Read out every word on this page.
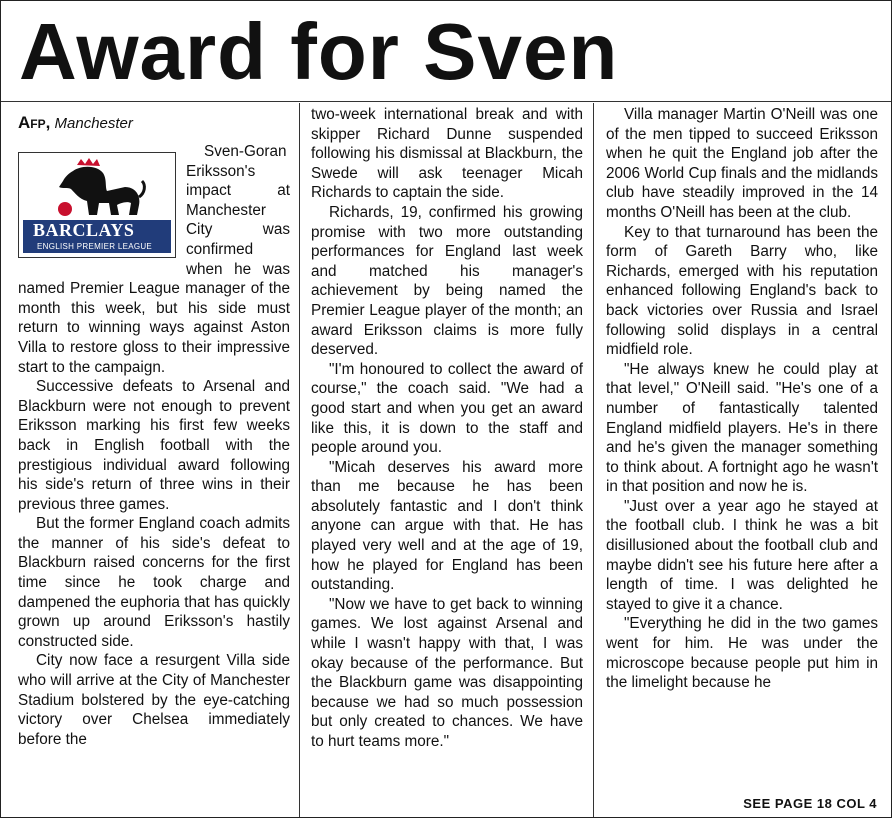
Award for Sven
Afp, Manchester
BARCLAYS
ENGLISH PREMIER LEAGUE

Sven-Goran Eriksson's impact at Manchester City was confirmed when he was named Premier League manager of the month this week, but his side must return to winning ways against Aston Villa to restore gloss to their impressive start to the campaign.

Successive defeats to Arsenal and Blackburn were not enough to prevent Eriksson marking his first few weeks back in English football with the prestigious individual award following his side's return of three wins in their previous three games.

But the former England coach admits the manner of his side's defeat to Blackburn raised concerns for the first time since he took charge and dampened the euphoria that has quickly grown up around Eriksson's hastily constructed side.

City now face a resurgent Villa side who will arrive at the City of Manchester Stadium bolstered by the eye-catching victory over Chelsea immediately before the

two-week international break and with skipper Richard Dunne suspended following his dismissal at Blackburn, the Swede will ask teenager Micah Richards to captain the side.

Richards, 19, confirmed his growing promise with two more outstanding performances for England last week and matched his manager's achievement by being named the Premier League player of the month; an award Eriksson claims is more fully deserved.

"I'm honoured to collect the award of course," the coach said. "We had a good start and when you get an award like this, it is down to the staff and people around you.

"Micah deserves his award more than me because he has been absolutely fantastic and I don't think anyone can argue with that. He has played very well and at the age of 19, how he played for England has been outstanding.

"Now we have to get back to winning games. We lost against Arsenal and while I wasn't happy with that, I was okay because of the performance. But the Blackburn game was disappointing because we had so much possession but only created to chances. We have to hurt teams more."

Villa manager Martin O'Neill was one of the men tipped to succeed Eriksson when he quit the England job after the 2006 World Cup finals and the midlands club have steadily improved in the 14 months O'Neill has been at the club.

Key to that turnaround has been the form of Gareth Barry who, like Richards, emerged with his reputation enhanced following England's back to back victories over Russia and Israel following solid displays in a central midfield role.

"He always knew he could play at that level," O'Neill said. "He's one of a number of fantastically talented England midfield players. He's in there and he's given the manager something to think about. A fortnight ago he wasn't in that position and now he is.

"Just over a year ago he stayed at the football club. I think he was a bit disillusioned about the football club and maybe didn't see his future here after a length of time. I was delighted he stayed to give it a chance.

"Everything he did in the two games went for him. He was under the microscope because people put him in the limelight because he

SEE PAGE 18 COL 4
